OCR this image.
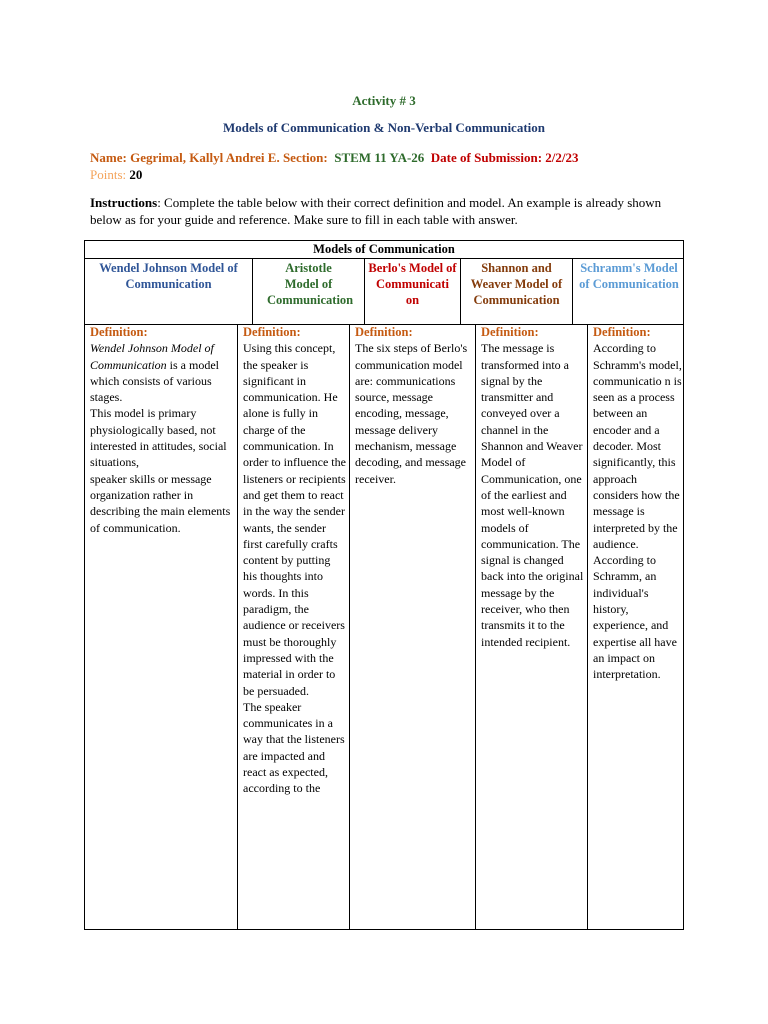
Activity # 3
Models of Communication & Non-Verbal Communication
Name: Gegrimal, Kallyl Andrei E. Section: STEM 11 YA-26 Date of Submission: 2/2/23
Points: 20
Instructions: Complete the table below with their correct definition and model. An example is already shown below as for your guide and reference. Make sure to fill in each table with answer.
Models of Communication
Wendel Johnson Model of Communication
Aristotle Model of Communication
Berlo's Model of Communicati on
Shannon and Weaver Model of Communication
Schramm's Model of Communication
Definition:

Wendel Johnson Model of Communication is a model which consists of various stages.

This model is primary physiologically based, not interested in attitudes, social situations,

speaker skills or message organization rather in describing the main elements of communication.

Definition:

Using this concept, the speaker is significant in communication. He alone is fully in charge of the communication. In order to influence the listeners or recipients and get them to react in the way the sender wants, the sender first carefully crafts content by putting his thoughts into words. In this paradigm, the audience or receivers must be thoroughly impressed with the material in order to be persuaded.

The speaker communicates in a way that the listeners are impacted and react as expected, according to the

Definition:

The six steps of Berlo's communication model are: communications source, message encoding, message, message delivery mechanism, message decoding, and message receiver.

Definition:

The message is transformed into a signal by the transmitter and conveyed over a channel in the Shannon and Weaver Model of Communication, one of the earliest and most well-known models of communication. The signal is changed back into the original message by the receiver, who then transmits it to the intended recipient.

Definition:

According to Schramm's model, communicatio n is seen as a process between an encoder and a decoder. Most significantly, this approach considers how the message is interpreted by the audience. According to Schramm, an individual's history, experience, and expertise all have an impact on interpretation.
